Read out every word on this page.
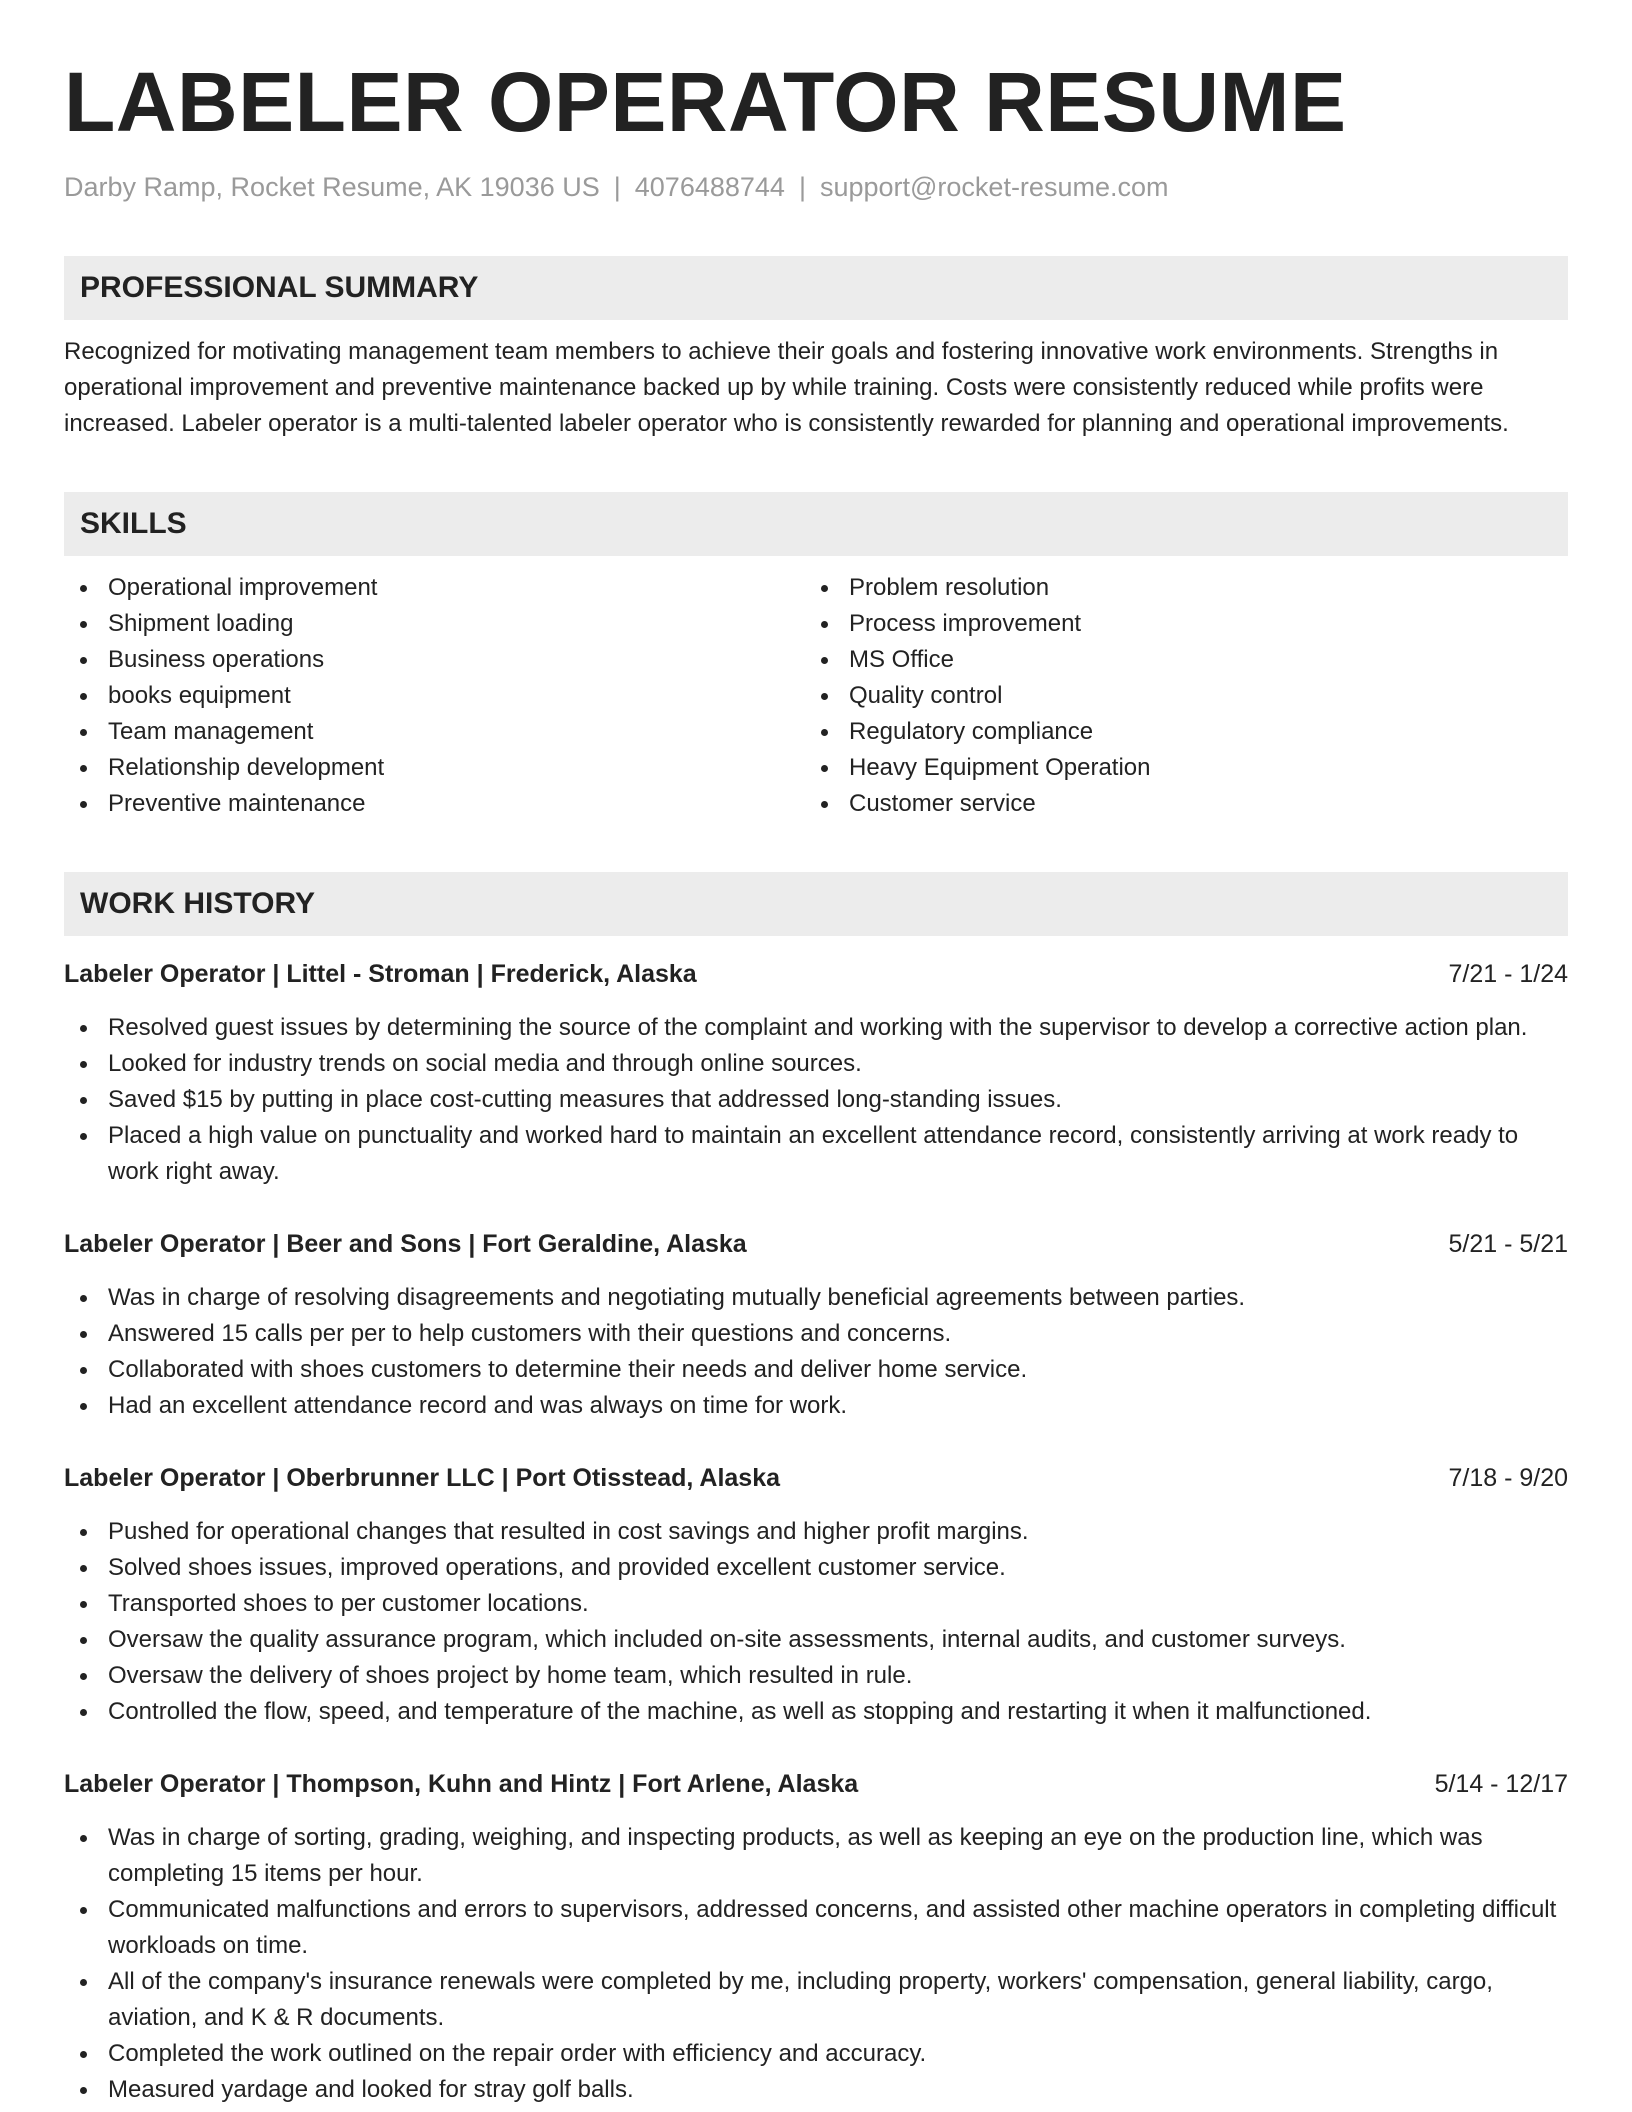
LABELER OPERATOR RESUME
Darby Ramp, Rocket Resume, AK 19036 US | 4076488744 | support@rocket-resume.com
PROFESSIONAL SUMMARY
Recognized for motivating management team members to achieve their goals and fostering innovative work environments. Strengths in operational improvement and preventive maintenance backed up by while training. Costs were consistently reduced while profits were increased. Labeler operator is a multi-talented labeler operator who is consistently rewarded for planning and operational improvements.
SKILLS
Operational improvement
Shipment loading
Business operations
books equipment
Team management
Relationship development
Preventive maintenance
Problem resolution
Process improvement
MS Office
Quality control
Regulatory compliance
Heavy Equipment Operation
Customer service
WORK HISTORY
Labeler Operator | Littel - Stroman | Frederick, Alaska	7/21 - 1/24
Resolved guest issues by determining the source of the complaint and working with the supervisor to develop a corrective action plan.
Looked for industry trends on social media and through online sources.
Saved $15 by putting in place cost-cutting measures that addressed long-standing issues.
Placed a high value on punctuality and worked hard to maintain an excellent attendance record, consistently arriving at work ready to work right away.
Labeler Operator | Beer and Sons | Fort Geraldine, Alaska	5/21 - 5/21
Was in charge of resolving disagreements and negotiating mutually beneficial agreements between parties.
Answered 15 calls per per to help customers with their questions and concerns.
Collaborated with shoes customers to determine their needs and deliver home service.
Had an excellent attendance record and was always on time for work.
Labeler Operator | Oberbrunner LLC | Port Otisstead, Alaska	7/18 - 9/20
Pushed for operational changes that resulted in cost savings and higher profit margins.
Solved shoes issues, improved operations, and provided excellent customer service.
Transported shoes to per customer locations.
Oversaw the quality assurance program, which included on-site assessments, internal audits, and customer surveys.
Oversaw the delivery of shoes project by home team, which resulted in rule.
Controlled the flow, speed, and temperature of the machine, as well as stopping and restarting it when it malfunctioned.
Labeler Operator | Thompson, Kuhn and Hintz | Fort Arlene, Alaska	5/14 - 12/17
Was in charge of sorting, grading, weighing, and inspecting products, as well as keeping an eye on the production line, which was completing 15 items per hour.
Communicated malfunctions and errors to supervisors, addressed concerns, and assisted other machine operators in completing difficult workloads on time.
All of the company's insurance renewals were completed by me, including property, workers' compensation, general liability, cargo, aviation, and K & R documents.
Completed the work outlined on the repair order with efficiency and accuracy.
Measured yardage and looked for stray golf balls.
